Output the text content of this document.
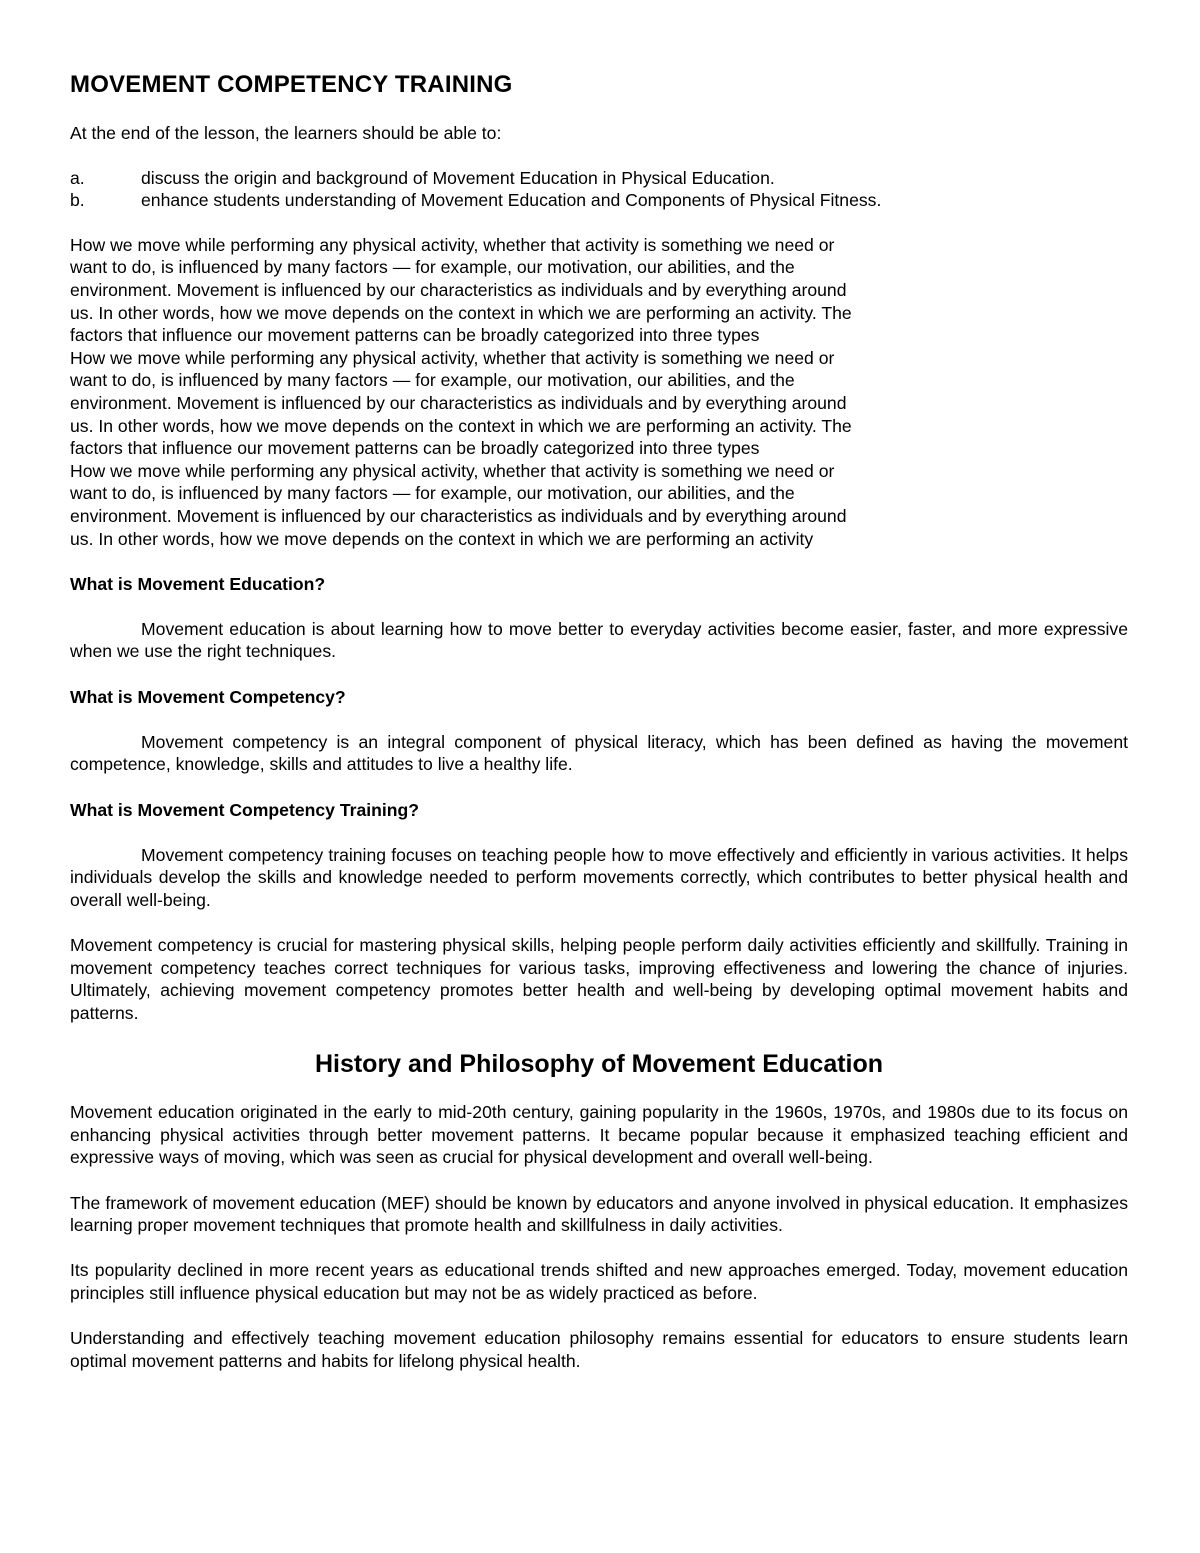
MOVEMENT COMPETENCY TRAINING
At the end of the lesson, the learners should be able to:
a.	discuss the origin and background of Movement Education in Physical Education.
b.	enhance students understanding of Movement Education and Components of Physical Fitness.
How we move while performing any physical activity, whether that activity is something we need or
want to do, is influenced by many factors — for example, our motivation, our abilities, and the
environment. Movement is influenced by our characteristics as individuals and by everything around
us. In other words, how we move depends on the context in which we are performing an activity. The
factors that influence our movement patterns can be broadly categorized into three types
How we move while performing any physical activity, whether that activity is something we need or
want to do, is influenced by many factors — for example, our motivation, our abilities, and the
environment. Movement is influenced by our characteristics as individuals and by everything around
us. In other words, how we move depends on the context in which we are performing an activity. The
factors that influence our movement patterns can be broadly categorized into three types
How we move while performing any physical activity, whether that activity is something we need or
want to do, is influenced by many factors — for example, our motivation, our abilities, and the
environment. Movement is influenced by our characteristics as individuals and by everything around
us. In other words, how we move depends on the context in which we are performing an activity
What is Movement Education?

Movement education is about learning how to move better to everyday activities become easier, faster, and more expressive when we use the right techniques.

What is Movement Competency?

Movement competency is an integral component of physical literacy, which has been defined as having the movement competence, knowledge, skills and attitudes to live a healthy life.

What is Movement Competency Training?

Movement competency training focuses on teaching people how to move effectively and efficiently in various activities. It helps individuals develop the skills and knowledge needed to perform movements correctly, which contributes to better physical health and overall well-being.

Movement competency is crucial for mastering physical skills, helping people perform daily activities efficiently and skillfully. Training in movement competency teaches correct techniques for various tasks, improving effectiveness and lowering the chance of injuries. Ultimately, achieving movement competency promotes better health and well-being by developing optimal movement habits and patterns.

History and Philosophy of Movement Education

Movement education originated in the early to mid-20th century, gaining popularity in the 1960s, 1970s, and 1980s due to its focus on enhancing physical activities through better movement patterns. It became popular because it emphasized teaching efficient and expressive ways of moving, which was seen as crucial for physical development and overall well-being.

The framework of movement education (MEF) should be known by educators and anyone involved in physical education. It emphasizes learning proper movement techniques that promote health and skillfulness in daily activities.

Its popularity declined in more recent years as educational trends shifted and new approaches emerged. Today, movement education principles still influence physical education but may not be as widely practiced as before.

Understanding and effectively teaching movement education philosophy remains essential for educators to ensure students learn optimal movement patterns and habits for lifelong physical health.
